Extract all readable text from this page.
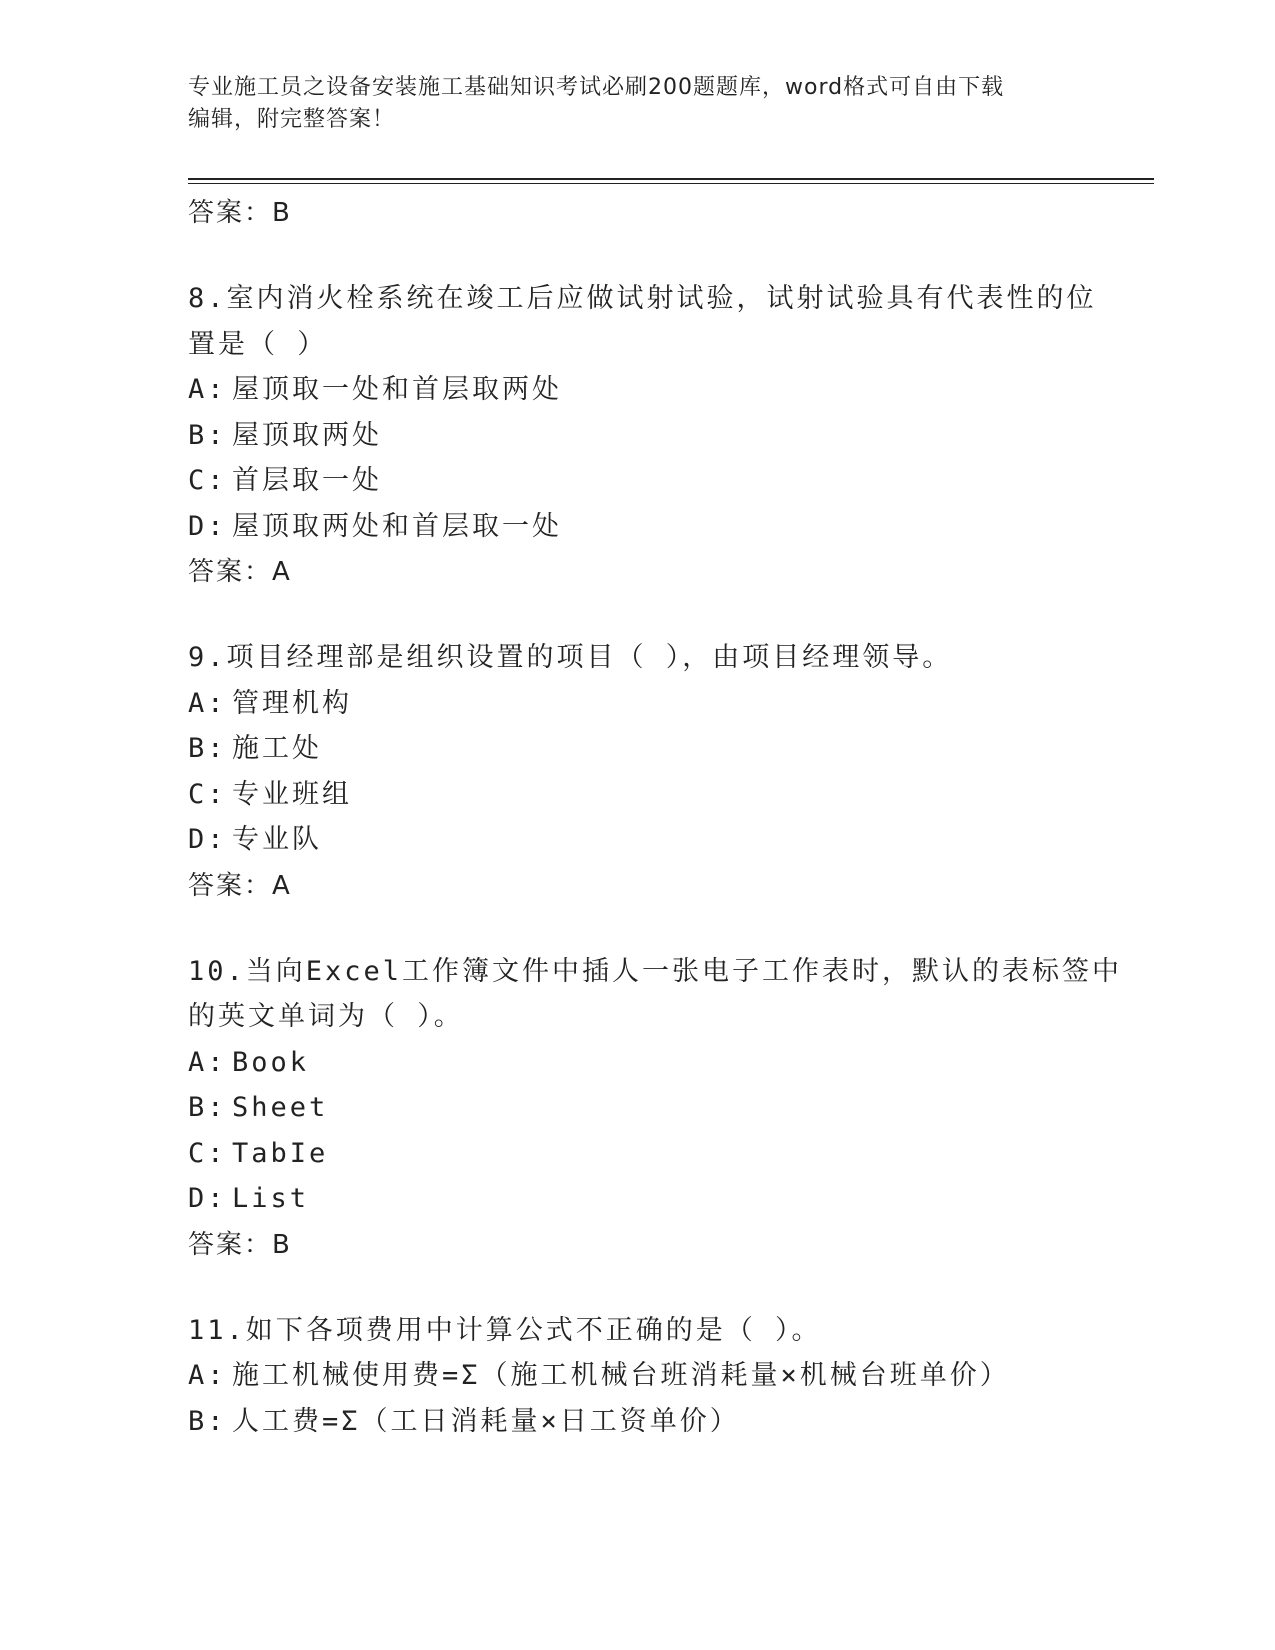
专业施工员之设备安装施工基础知识考试必刷200题题库，word格式可自由下载
编辑，附完整答案！
答案：B
8.室内消火栓系统在竣工后应做试射试验，试射试验具有代表性的位
置是（ ）
A: 屋顶取一处和首层取两处
B: 屋顶取两处
C: 首层取一处
D: 屋顶取两处和首层取一处
答案：A
9.项目经理部是组织设置的项目（ ），由项目经理领导。
A: 管理机构
B: 施工处
C: 专业班组
D: 专业队
答案：A
10.当向Excel工作簿文件中插人一张电子工作表时，默认的表标签中
的英文单词为（ ）。
A: Book
B: Sheet
C: TabIe
D: List
答案：B
11.如下各项费用中计算公式不正确的是（ ）。
A: 施工机械使用费=Σ（施工机械台班消耗量×机械台班单价）
B: 人工费=Σ（工日消耗量×日工资单价）
